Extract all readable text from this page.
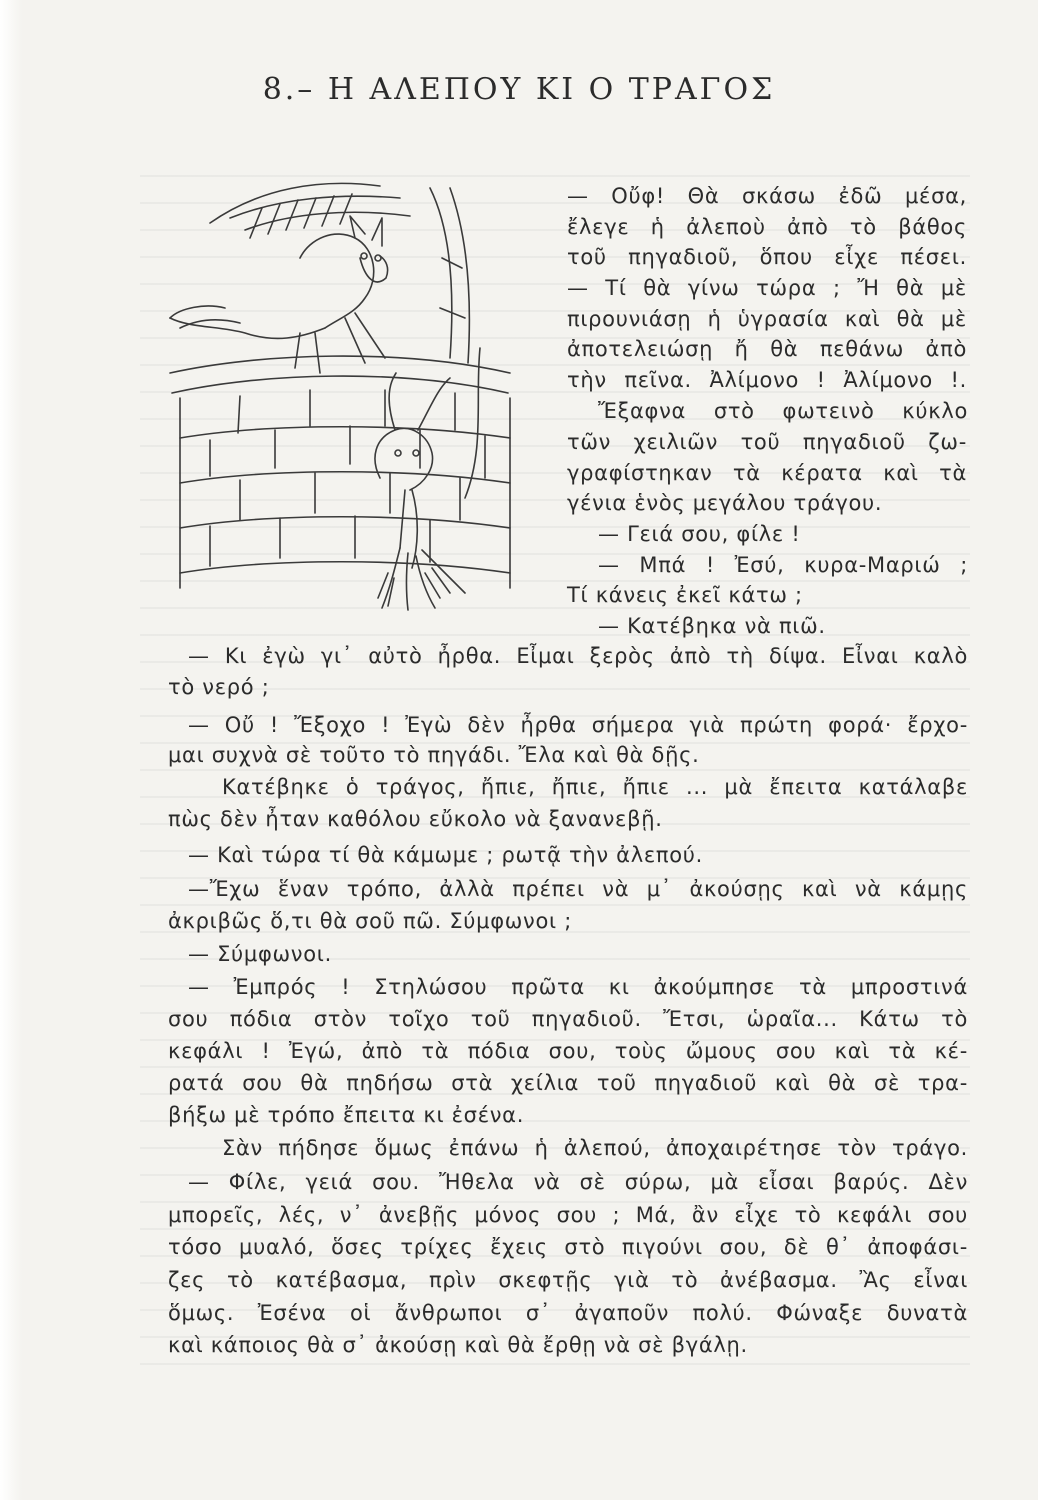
8.– Η ΑΛΕΠΟΥ ΚΙ Ο ΤΡΑΓΟΣ
— Οὔφ! Θὰ σκάσω ἐδῶ μέσα,
ἔλεγε ἡ ἀλεποὺ ἀπὸ τὸ βάθος
τοῦ πηγαδιοῦ, ὅπου εἶχε πέσει.
— Τί θὰ γίνω τώρα ; Ἤ θὰ μὲ
πιρουνιάσῃ ἡ ὑγρασία καὶ θὰ μὲ
ἀποτελειώσῃ ἤ θὰ πεθάνω ἀπὸ
τὴν πεῖνα. Ἀλίμονο ! Ἀλίμονο !.
Ἔξαφνα στὸ φωτεινὸ κύκλο
τῶν χειλιῶν τοῦ πηγαδιοῦ ζω-
γραφίστηκαν τὰ κέρατα καὶ τὰ
γένια ἑνὸς μεγάλου τράγου.
— Γειά σου, φίλε !
— Μπά ! Ἐσύ, κυρα-Μαριώ ;
Τί κάνεις ἐκεῖ κάτω ;
— Κατέβηκα νὰ πιῶ.
— Κι ἐγὼ γι᾿ αὐτὸ ἦρθα. Εἶμαι ξερὸς ἀπὸ τὴ δίψα. Εἶναι καλὸ
τὸ νερό ;
— Οὔ ! Ἔξοχο ! Ἐγὼ δὲν ἦρθα σήμερα γιὰ πρώτη φορά· ἔρχο-
μαι συχνὰ σὲ τοῦτο τὸ πηγάδι. Ἔλα καὶ θὰ δῇς.
Κατέβηκε ὁ τράγος, ἤπιε, ἤπιε, ἤπιε ... μὰ ἔπειτα κατάλαβε
πὼς δὲν ἦταν καθόλου εὔκολο νὰ ξανανεβῇ.
— Καὶ τώρα τί θὰ κάμωμε ; ρωτᾷ τὴν ἀλεπού.
—Ἔχω ἕναν τρόπο, ἀλλὰ πρέπει νὰ μ᾿ ἀκούσῃς καὶ νὰ κάμῃς
ἀκριβῶς ὅ,τι θὰ σοῦ πῶ. Σύμφωνοι ;
— Σύμφωνοι.
— Ἐμπρός ! Στηλώσου πρῶτα κι ἀκούμπησε τὰ μπροστινά
σου πόδια στὸν τοῖχο τοῦ πηγαδιοῦ. Ἔτσι, ὡραῖα... Κάτω τὸ
κεφάλι ! Ἐγώ, ἀπὸ τὰ πόδια σου, τοὺς ὤμους σου καὶ τὰ κέ-
ρατά σου θὰ πηδήσω στὰ χείλια τοῦ πηγαδιοῦ καὶ θὰ σὲ τρα-
βήξω μὲ τρόπο ἔπειτα κι ἐσένα.
Σὰν πήδησε ὅμως ἐπάνω ἡ ἀλεπού, ἀποχαιρέτησε τὸν τράγο.
— Φίλε, γειά σου. Ἤθελα νὰ σὲ σύρω, μὰ εἶσαι βαρύς. Δὲν
μπορεῖς, λές, ν᾿ ἀνεβῇς μόνος σου ; Μά, ἂν εἶχε τὸ κεφάλι σου
τόσο μυαλό, ὅσες τρίχες ἔχεις στὸ πιγούνι σου, δὲ θ᾿ ἀποφάσι-
ζες τὸ κατέβασμα, πρὶν σκεφτῇς γιὰ τὸ ἀνέβασμα. Ἂς εἶναι
ὅμως. Ἐσένα οἱ ἄνθρωποι σ᾿ ἀγαποῦν πολύ. Φώναξε δυνατὰ
καὶ κάποιος θὰ σ᾿ ἀκούσῃ καὶ θὰ ἔρθῃ νὰ σὲ βγάλῃ.
